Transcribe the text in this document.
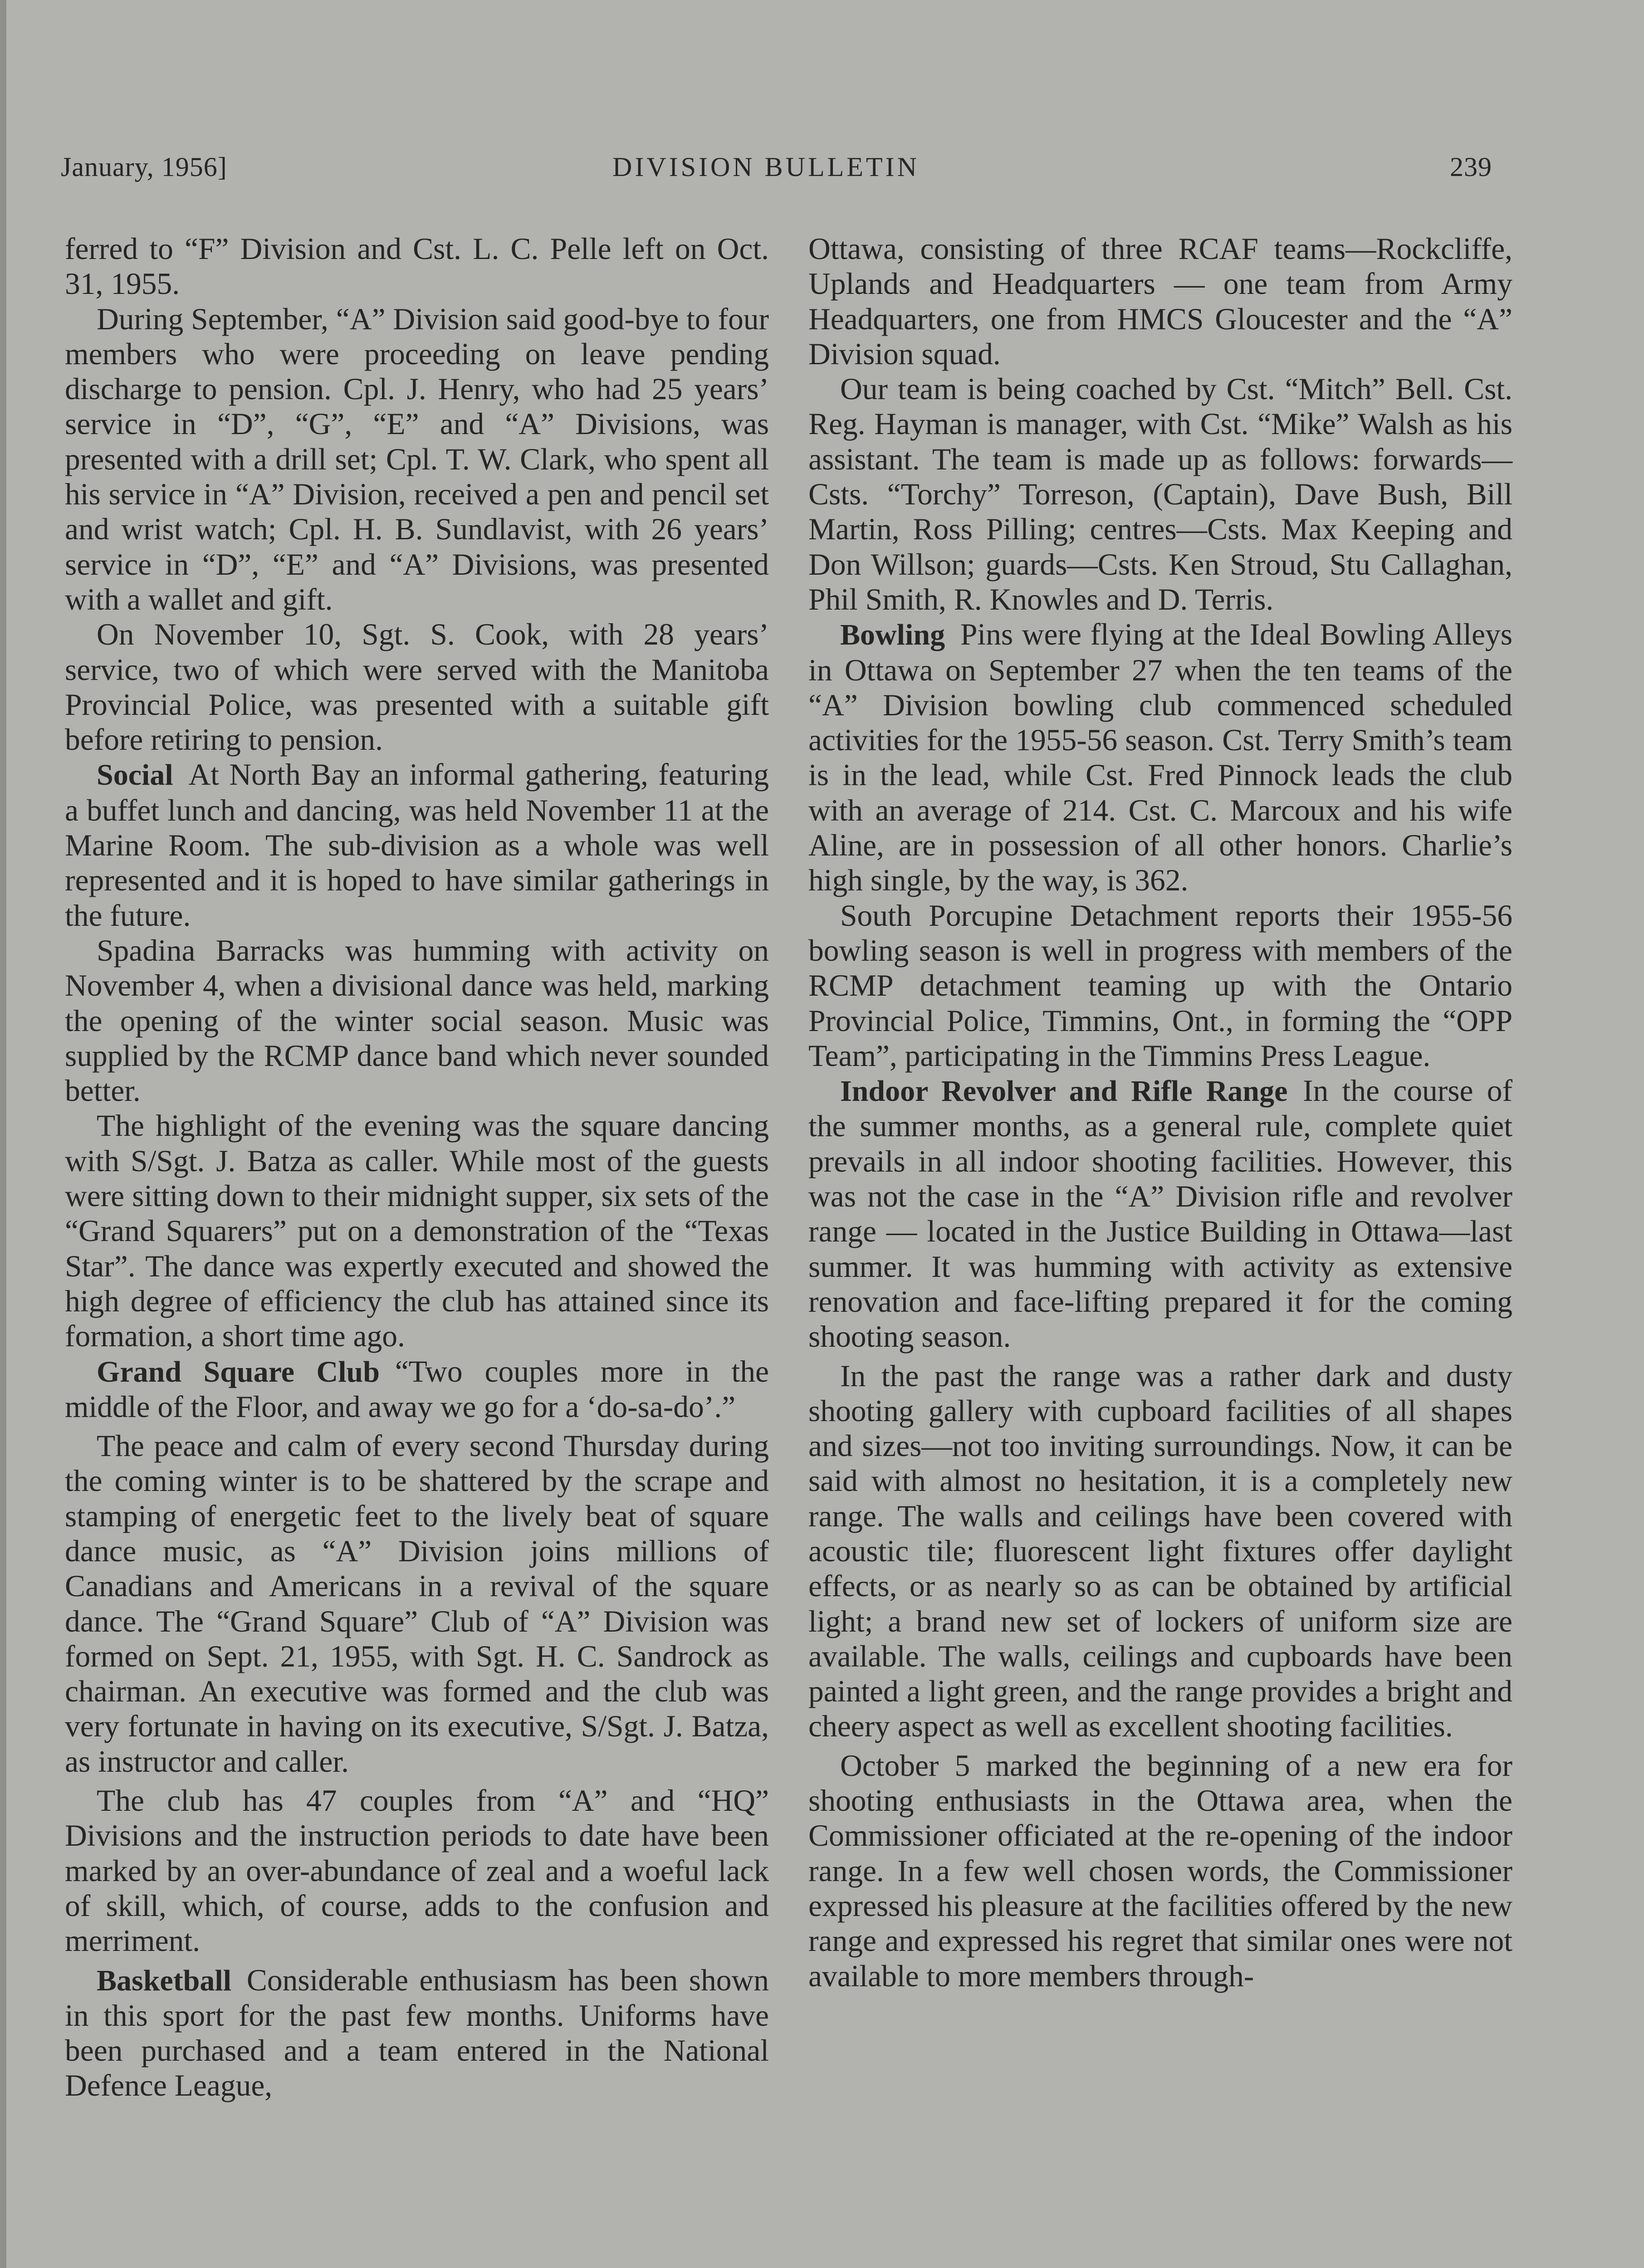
January, 1956]	DIVISION BULLETIN	239

ferred to “F” Division and Cst. L. C. Pelle left on Oct. 31, 1955.

During September, “A” Division said good-bye to four members who were proceeding on leave pending discharge to pension. Cpl. J. Henry, who had 25 years’ service in “D”, “G”, “E” and “A” Divisions, was presented with a drill set; Cpl. T. W. Clark, who spent all his service in “A” Division, received a pen and pencil set and wrist watch; Cpl. H. B. Sundlavist, with 26 years’ service in “D”, “E” and “A” Divisions, was presented with a wallet and gift.

On November 10, Sgt. S. Cook, with 28 years’ service, two of which were served with the Manitoba Provincial Police, was presented with a suitable gift before retiring to pension.

Social  At North Bay an informal gathering, featuring a buffet lunch and dancing, was held November 11 at the Marine Room. The sub-division as a whole was well represented and it is hoped to have similar gatherings in the future.

Spadina Barracks was humming with activity on November 4, when a divisional dance was held, marking the opening of the winter social season. Music was supplied by the RCMP dance band which never sounded better.

The highlight of the evening was the square dancing with S/Sgt. J. Batza as caller. While most of the guests were sitting down to their midnight supper, six sets of the “Grand Squarers” put on a demonstration of the “Texas Star”. The dance was expertly executed and showed the high degree of efficiency the club has attained since its formation, a short time ago.

Grand Square Club  “Two couples more in the middle of the Floor, and away we go for a ‘do-sa-do’.”

The peace and calm of every second Thursday during the coming winter is to be shattered by the scrape and stamping of energetic feet to the lively beat of square dance music, as “A” Division joins millions of Canadians and Americans in a revival of the square dance. The “Grand Square” Club of “A” Division was formed on Sept. 21, 1955, with Sgt. H. C. Sandrock as chairman. An executive was formed and the club was very fortunate in having on its executive, S/Sgt. J. Batza, as instructor and caller.

The club has 47 couples from “A” and “HQ” Divisions and the instruction periods to date have been marked by an over-abundance of zeal and a woeful lack of skill, which, of course, adds to the confusion and merriment.

Basketball  Considerable enthusiasm has been shown in this sport for the past few months. Uniforms have been purchased and a team entered in the National Defence League,

Ottawa, consisting of three RCAF teams—Rockcliffe, Uplands and Headquarters — one team from Army Headquarters, one from HMCS Gloucester and the “A” Division squad.

Our team is being coached by Cst. “Mitch” Bell. Cst. Reg. Hayman is manager, with Cst. “Mike” Walsh as his assistant. The team is made up as follows: forwards—Csts. “Torchy” Torreson, (Captain), Dave Bush, Bill Martin, Ross Pilling; centres—Csts. Max Keeping and Don Willson; guards—Csts. Ken Stroud, Stu Callaghan, Phil Smith, R. Knowles and D. Terris.

Bowling  Pins were flying at the Ideal Bowling Alleys in Ottawa on September 27 when the ten teams of the “A” Division bowling club commenced scheduled activities for the 1955-56 season. Cst. Terry Smith’s team is in the lead, while Cst. Fred Pinnock leads the club with an average of 214. Cst. C. Marcoux and his wife Aline, are in possession of all other honors. Charlie’s high single, by the way, is 362.

South Porcupine Detachment reports their 1955-56 bowling season is well in progress with members of the RCMP detachment teaming up with the Ontario Provincial Police, Timmins, Ont., in forming the “OPP Team”, participating in the Timmins Press League.

Indoor Revolver and Rifle Range  In the course of the summer months, as a general rule, complete quiet prevails in all indoor shooting facilities. However, this was not the case in the “A” Division rifle and revolver range — located in the Justice Building in Ottawa—last summer. It was humming with activity as extensive renovation and face-lifting prepared it for the coming shooting season.

In the past the range was a rather dark and dusty shooting gallery with cupboard facilities of all shapes and sizes—not too inviting surroundings. Now, it can be said with almost no hesitation, it is a completely new range. The walls and ceilings have been covered with acoustic tile; fluorescent light fixtures offer daylight effects, or as nearly so as can be obtained by artificial light; a brand new set of lockers of uniform size are available. The walls, ceilings and cupboards have been painted a light green, and the range provides a bright and cheery aspect as well as excellent shooting facilities.

October 5 marked the beginning of a new era for shooting enthusiasts in the Ottawa area, when the Commissioner officiated at the re-opening of the indoor range. In a few well chosen words, the Commissioner expressed his pleasure at the facilities offered by the new range and expressed his regret that similar ones were not available to more members through-
